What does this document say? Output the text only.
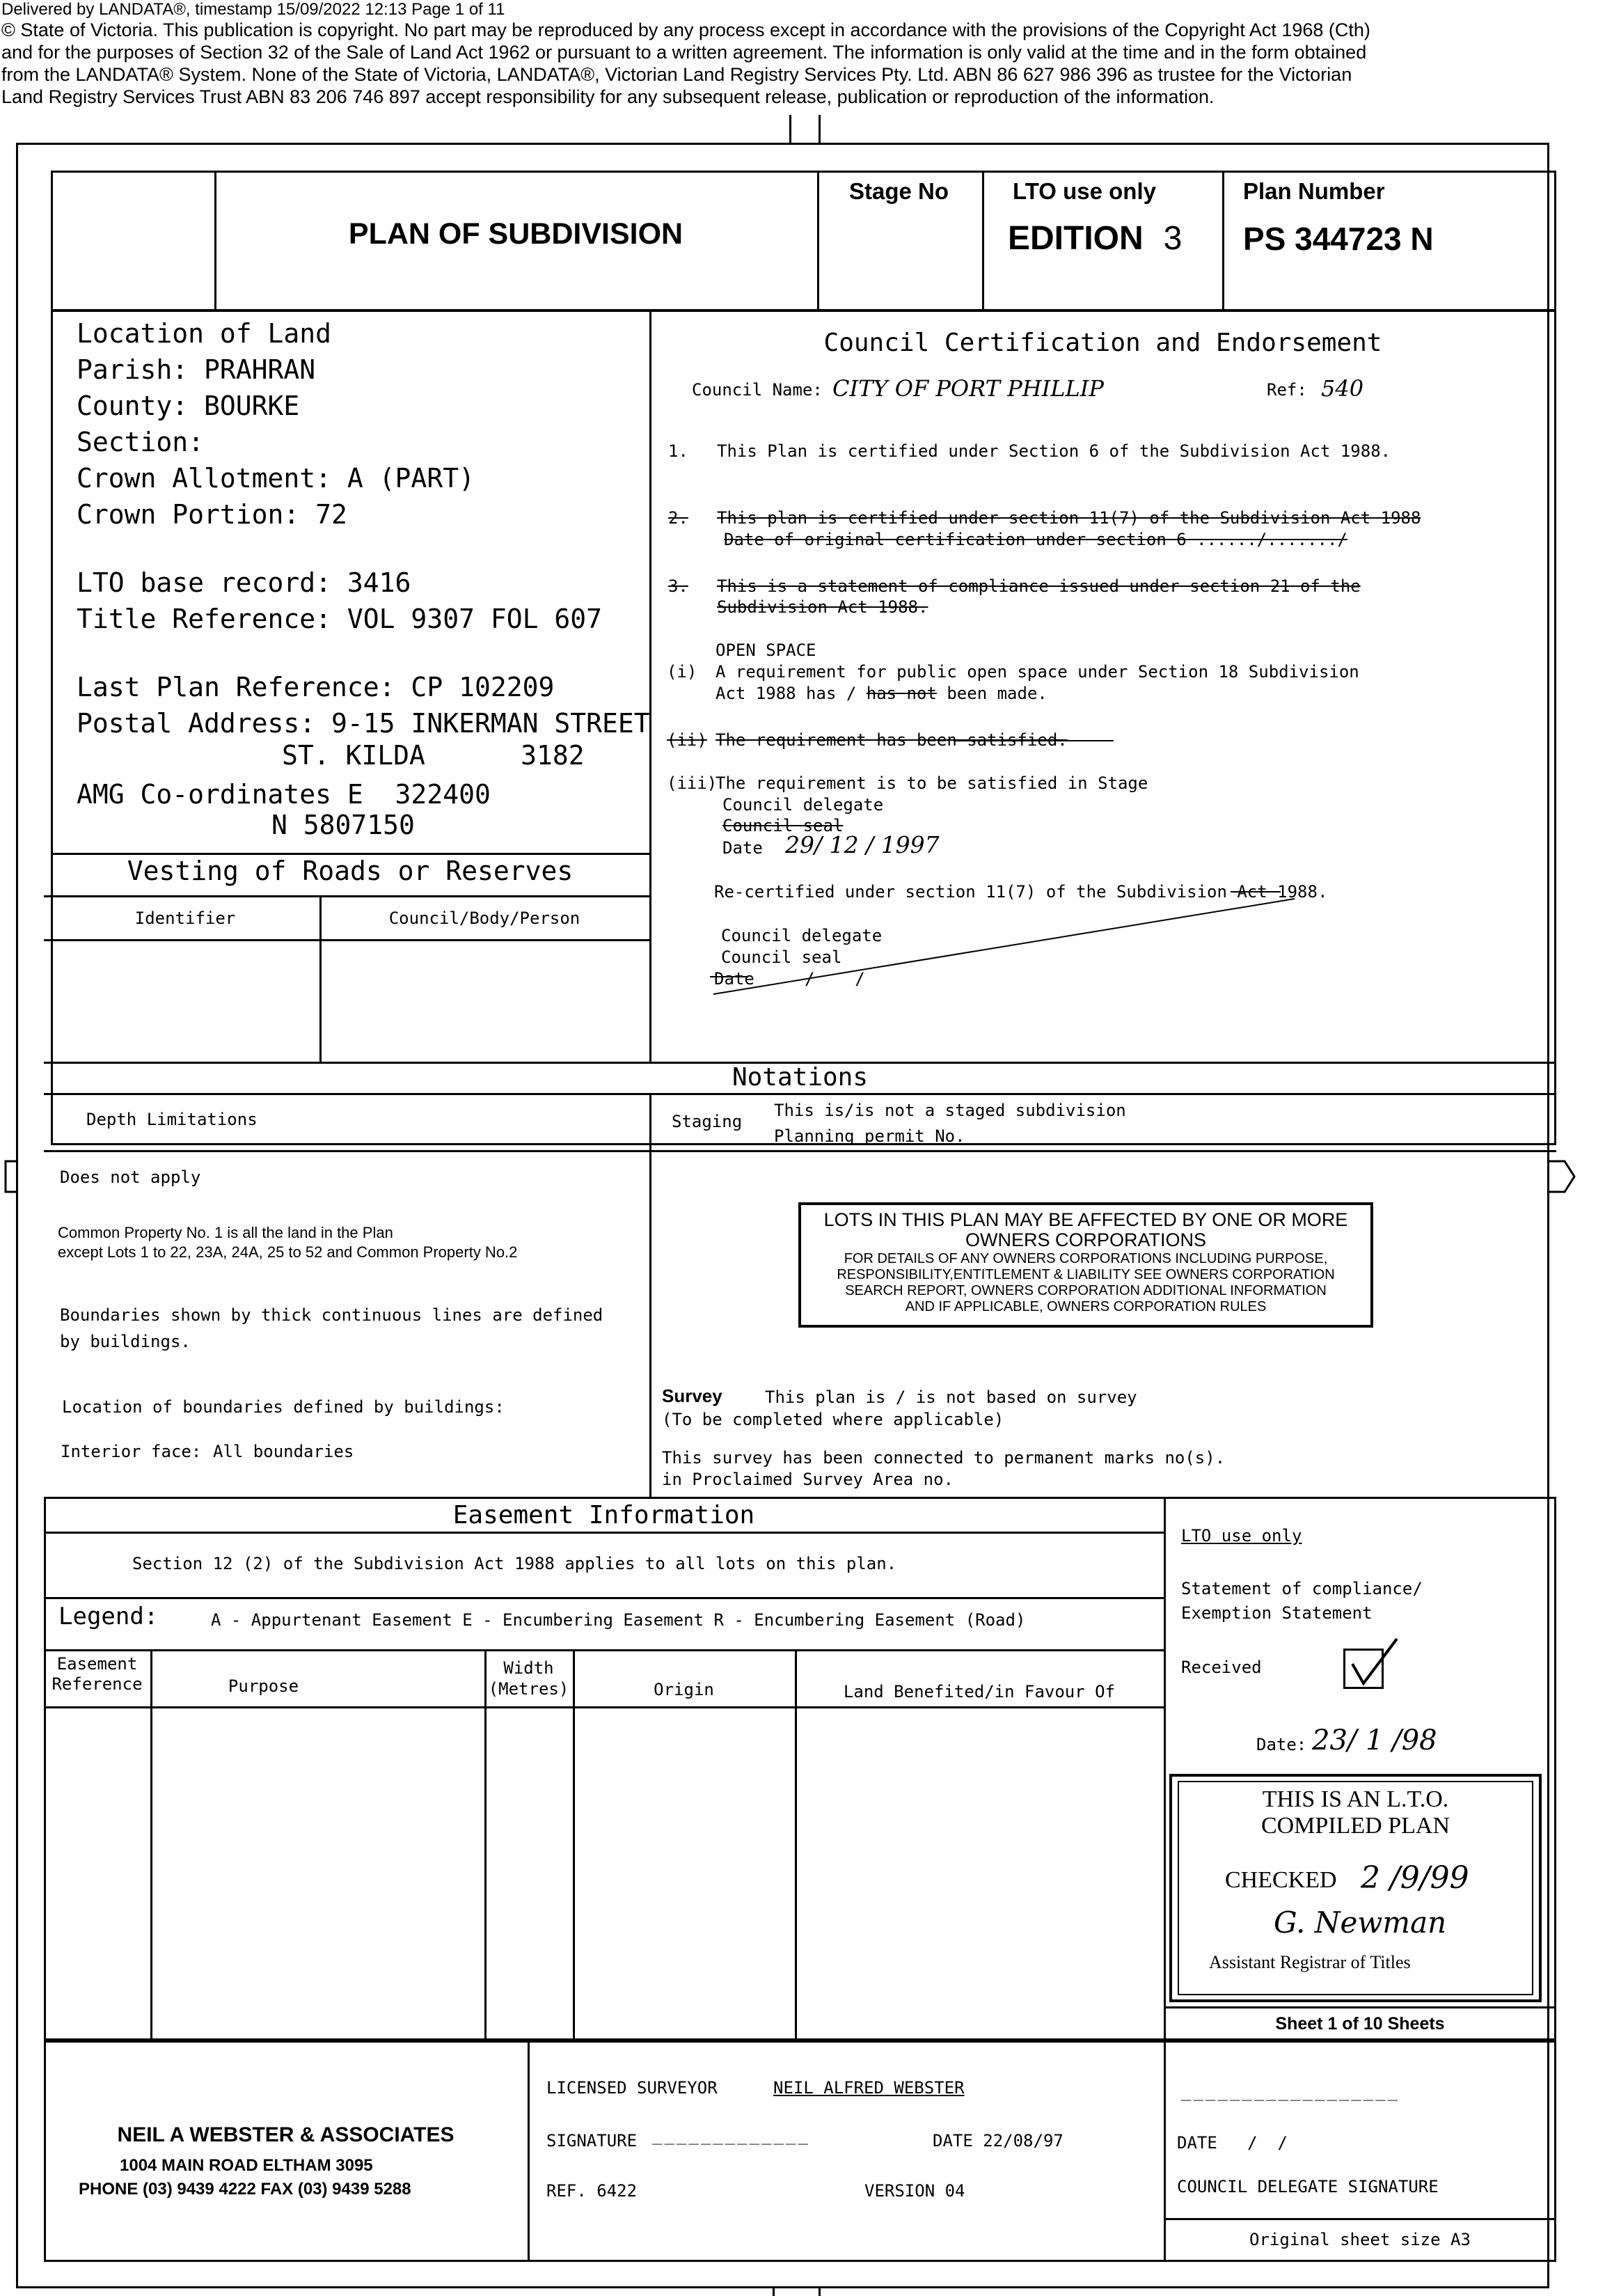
Delivered by LANDATA®, timestamp 15/09/2022 12:13 Page 1 of 11
© State of Victoria. This publication is copyright. No part may be reproduced by any process except in accordance with the provisions of the Copyright Act 1968 (Cth)
and for the purposes of Section 32 of the Sale of Land Act 1962 or pursuant to a written agreement. The information is only valid at the time and in the form obtained
from the LANDATA® System. None of the State of Victoria, LANDATA®, Victorian Land Registry Services Pty. Ltd. ABN 86 627 986 396 as trustee for the Victorian
Land Registry Services Trust ABN 83 206 746 897 accept responsibility for any subsequent release, publication or reproduction of the information.
PLAN OF SUBDIVISION
Stage No	LTO use only
EDITION 3
Plan Number
PS 344723 N
Location of Land
Parish: PRAHRAN
County: BOURKE
Section:
Crown Allotment: A (PART)
Crown Portion: 72
LTO base record: 3416
Title Reference: VOL 9307 FOL 607
Last Plan Reference: CP 102209
Postal Address: 9-15 INKERMAN STREET
ST. KILDA      3182
AMG Co-ordinates E  322400
N 5807150
Vesting of Roads or Reserves
Identifier	Council/Body/Person
Council Certification and Endorsement
Council Name: CITY OF PORT PHILLIP	Ref: 540
1. This Plan is certified under Section 6 of the Subdivision Act 1988.
2. This plan is certified under section 11(7) of the Subdivision Act 1988
Date of original certification under section 6 ....../......./
3. This is a statement of compliance issued under section 21 of the
Subdivision Act 1988.
OPEN SPACE
(i) A requirement for public open space under Section 18 Subdivision
Act 1988 has / has not been made.
(ii) The requirement has been satisfied.
(iii)
The requirement is to be satisfied in Stage
Council delegate
Council seal
Date 29/ 12 / 1997
Re-certified under section 11(7) of the Subdivision Act 1988.
Council delegate
Council seal
Date     /    /
Notations
Depth Limitations	Staging
This is/is not a staged subdivision
Planning permit No.
Does not apply
Common Property No. 1 is all the land in the Plan
except Lots 1 to 22, 23A, 24A, 25 to 52 and Common Property No.2
Boundaries shown by thick continuous lines are defined
by buildings.
Location of boundaries defined by buildings:
Interior face: All boundaries
LOTS IN THIS PLAN MAY BE AFFECTED BY ONE OR MORE
OWNERS CORPORATIONS
FOR DETAILS OF ANY OWNERS CORPORATIONS INCLUDING PURPOSE,
RESPONSIBILITY,ENTITLEMENT & LIABILITY SEE OWNERS CORPORATION
SEARCH REPORT, OWNERS CORPORATION ADDITIONAL INFORMATION
AND IF APPLICABLE, OWNERS CORPORATION RULES
Survey	This plan is / is not based on survey
(To be completed where applicable)
This survey has been connected to permanent marks no(s).
in Proclaimed Survey Area no.
Easement Information
Section 12 (2) of the Subdivision Act 1988 applies to all lots on this plan.
Legend:	A - Appurtenant Easement E - Encumbering Easement R - Encumbering Easement (Road)
Easement
Reference	Purpose
Width
(Metres)	Origin	Land Benefited/in Favour Of
LTO use only
Statement of compliance/
Exemption Statement
Received
Date: 23/ 1 /98
THIS IS AN L.T.O.
COMPILED PLAN
CHECKED 2 /9/99
G. Newman
Assistant Registrar of Titles
Sheet 1 of 10 Sheets
NEIL A WEBSTER & ASSOCIATES
1004 MAIN ROAD ELTHAM 3095
PHONE (03) 9439 4222 FAX (03) 9439 5288
LICENSED SURVEYOR	NEIL ALFRED WEBSTER
SIGNATURE _____________	DATE 22/08/97
REF. 6422	VERSION 04
__________________
DATE   /  /
COUNCIL DELEGATE SIGNATURE
Original sheet size A3
